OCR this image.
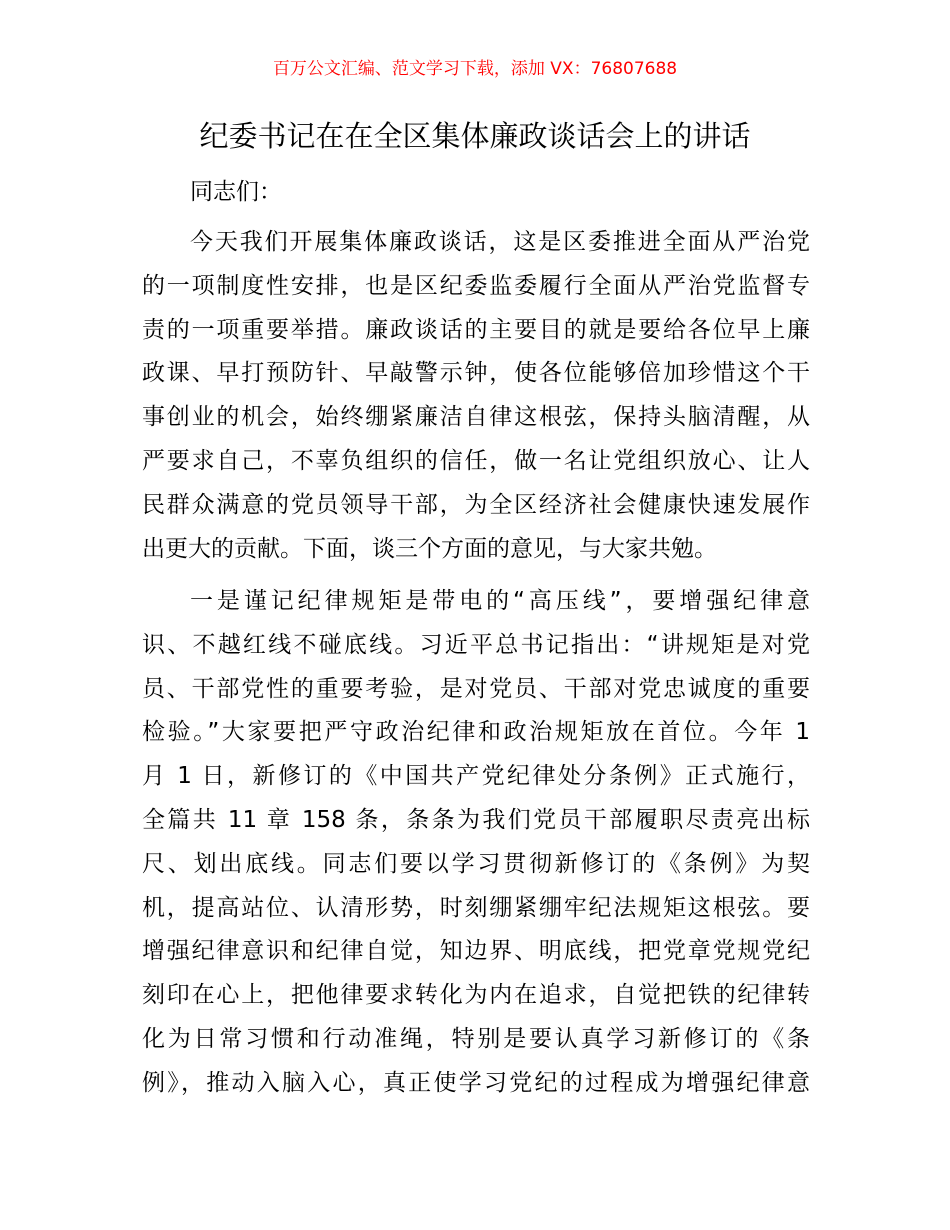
百万公文汇编、范文学习下载，添加 VX：76807688
纪委书记在在全区集体廉政谈话会上的讲话
同志们：
今天我们开展集体廉政谈话，这是区委推进全面从严治党
的一项制度性安排，也是区纪委监委履行全面从严治党监督专
责的一项重要举措。廉政谈话的主要目的就是要给各位早上廉
政课、早打预防针、早敲警示钟，使各位能够倍加珍惜这个干
事创业的机会，始终绷紧廉洁自律这根弦，保持头脑清醒，从
严要求自己，不辜负组织的信任，做一名让党组织放心、让人
民群众满意的党员领导干部，为全区经济社会健康快速发展作
出更大的贡献。下面，谈三个方面的意见，与大家共勉。
一是谨记纪律规矩是带电的“高压线”，要增强纪律意
识、不越红线不碰底线。习近平总书记指出：“讲规矩是对党
员、干部党性的重要考验，是对党员、干部对党忠诚度的重要
检验。”大家要把严守政治纪律和政治规矩放在首位。今年 1
月 1 日，新修订的《中国共产党纪律处分条例》正式施行，
全篇共 11 章 158 条，条条为我们党员干部履职尽责亮出标
尺、划出底线。同志们要以学习贯彻新修订的《条例》为契
机，提高站位、认清形势，时刻绷紧绷牢纪法规矩这根弦。要
增强纪律意识和纪律自觉，知边界、明底线，把党章党规党纪
刻印在心上，把他律要求转化为内在追求，自觉把铁的纪律转
化为日常习惯和行动准绳，特别是要认真学习新修订的《条
例》，推动入脑入心，真正使学习党纪的过程成为增强纪律意
